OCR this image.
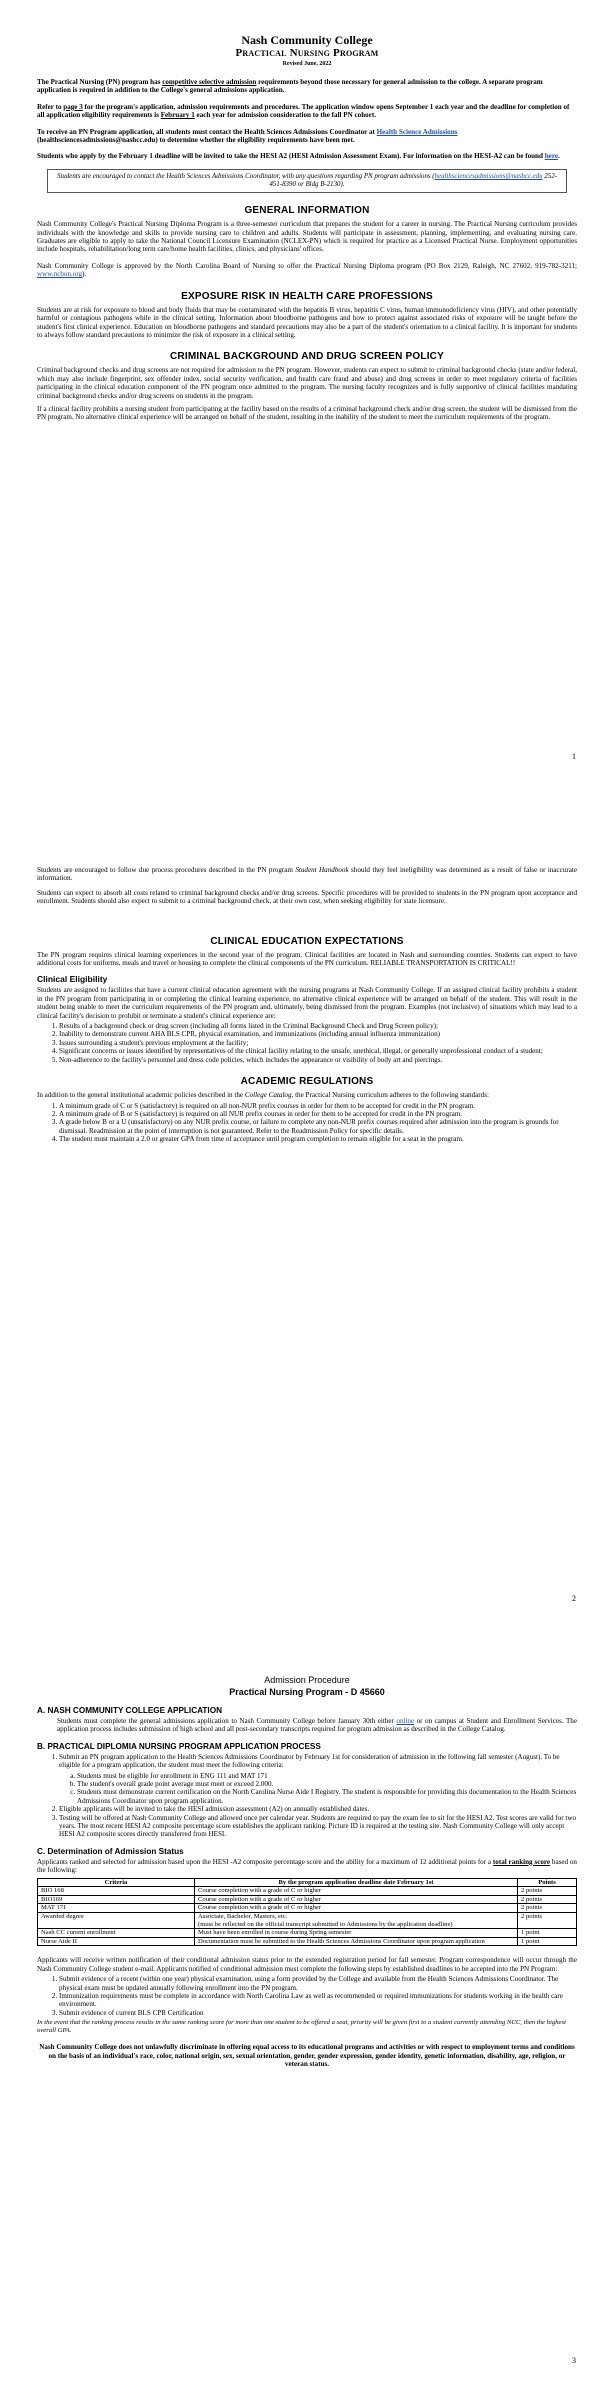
Nash Community College
Practical Nursing Program
Revised June, 2022

The Practical Nursing (PN) program has competitive selective admission requirements beyond those necessary for general admission to the college. A separate program application is required in addition to the College's general admissions application.

Refer to page 3 for the program's application, admission requirements and procedures. The application window opens September 1 each year and the deadline for completion of all application eligibility requirements is February 1 each year for admission consideration to the fall PN cohort.

To receive an PN Program application, all students must contact the Health Sciences Admissions Coordinator at Health Science Admissions (healthsciencesadmissions@nashcc.edu) to determine whether the eligibility requirements have been met.

Students who apply by the February 1 deadline will be invited to take the HESI A2 (HESI Admission Assessment Exam). For information on the HESI-A2 can be found here.

Students are encouraged to contact the Health Sciences Admissions Coordinator, with any questions regarding PN program admissions (healthsciencesadmissions@nashcc.edu 252-451-8390 or Bldg B-2130).
GENERAL INFORMATION

Nash Community College's Practical Nursing Diploma Program is a three-semester curriculum that prepares the student for a career in nursing. The Practical Nursing curriculum provides individuals with the knowledge and skills to provide nursing care to children and adults. Students will participate in assessment, planning, implementing, and evaluating nursing care. Graduates are eligible to apply to take the National Council Licensure Examination (NCLEX-PN) which is required for practice as a Licensed Practical Nurse. Employment opportunities include hospitals, rehabilitation/long term care/home health facilities, clinics, and physicians' offices.

Nash Community College is approved by the North Carolina Board of Nursing to offer the Practical Nursing Diploma program (PO Box 2129, Raleigh, NC 27602, 919-782-3211; www.ncbon.org).

EXPOSURE RISK IN HEALTH CARE PROFESSIONS

Students are at risk for exposure to blood and body fluids that may be contaminated with the hepatitis B virus, hepatitis C virus, human immunodeficiency virus (HIV), and other potentially harmful or contagious pathogens while in the clinical setting. Information about bloodborne pathogens and how to protect against associated risks of exposure will be taught before the student's first clinical experience. Education on bloodborne pathogens and standard precautions may also be a part of the student's orientation to a clinical facility. It is important for students to always follow standard precautions to minimize the risk of exposure in a clinical setting.

CRIMINAL BACKGROUND AND DRUG SCREEN POLICY

Criminal background checks and drug screens are not required for admission to the PN program. However, students can expect to submit to criminal background checks (state and/or federal, which may also include fingerprint, sex offender index, social security verification, and health care fraud and abuse) and drug screens in order to meet regulatory criteria of facilities participating in the clinical education component of the PN program once admitted to the program. The nursing faculty recognizes and is fully supportive of clinical facilities mandating criminal background checks and/or drug screens on students in the program.

If a clinical facility prohibits a nursing student from participating at the facility based on the results of a criminal background check and/or drug screen, the student will be dismissed from the PN program. No alternative clinical experience will be arranged on behalf of the student, resulting in the inability of the student to meet the curriculum requirements of the program.

1

Students are encouraged to follow due process procedures described in the PN program Student Handbook should they feel ineligibility was determined as a result of false or inaccurate information.

Students can expect to absorb all costs related to criminal background checks and/or drug screens. Specific procedures will be provided to students in the PN program upon acceptance and enrollment. Students should also expect to submit to a criminal background check, at their own cost, when seeking eligibility for state licensure.

CLINICAL EDUCATION EXPECTATIONS

The PN program requires clinical learning experiences in the second year of the program. Clinical facilities are located in Nash and surrounding counties. Students can expect to have additional costs for uniforms, meals and travel or housing to complete the clinical components of the PN curriculum. RELIABLE TRANSPORTATION IS CRITICAL!!

Clinical Eligibility

Students are assigned to facilities that have a current clinical education agreement with the nursing programs at Nash Community College. If an assigned clinical facility prohibits a student in the PN program from participating in or completing the clinical learning experience, no alternative clinical experience will be arranged on behalf of the student. This will result in the student being unable to meet the curriculum requirements of the PN program and, ultimately, being dismissed from the program. Examples (not inclusive) of situations which may lead to a clinical facility's decision to prohibit or terminate a student's clinical experience are:

1. Results of a background check or drug screen (including all forms listed in the Criminal Background Check and Drug Screen policy);
2. Inability to demonstrate current AHA BLS CPR, physical examination, and immunizations (including annual influenza immunization)
3. Issues surrounding a student's previous employment at the facility;
4. Significant concerns or issues identified by representatives of the clinical facility relating to the unsafe, unethical, illegal, or generally unprofessional conduct of a student;
5. Non-adherence to the facility's personnel and dress code policies, which includes the appearance or visibility of body art and piercings.
ACADEMIC REGULATIONS

In addition to the general institutional academic policies described in the College Catalog, the Practical Nursing curriculum adheres to the following standards:

1. A minimum grade of C or S (satisfactory) is required on all non-NUR prefix courses in order for them to be accepted for credit in the PN program.
2. A minimum grade of B or S (satisfactory) is required on all NUR prefix courses in order for them to be accepted for credit in the PN program.
3. A grade below B or a U (unsatisfactory) on any NUR prefix course, or failure to complete any non-NUR prefix courses required after admission into the program is grounds for dismissal. Readmission at the point of interruption is not guaranteed. Refer to the Readmission Policy for specific details.
4. The student must maintain a 2.0 or greater GPA from time of acceptance until program completion to remain eligible for a seat in the program.
2
Admission Procedure
Practical Nursing Program - D 45660
A. NASH COMMUNITY COLLEGE APPLICATION

Students must complete the general admissions application to Nash Community College before January 30th either online or on campus at Student and Enrollment Services. The application process includes submission of high school and all post-secondary transcripts required for program admission as described in the College Catalog.

B. PRACTICAL DIPLOMIA NURSING PROGRAM APPLICATION PROCESS
1. Submit an PN program application to the Health Sciences Admissions Coordinator by February 1st for consideration of admission in the following fall semester (August). To be eligible for a program application, the student must meet the following criteria:
a. Students must be eligible for enrollment in ENG 111 and MAT 171
b. The student's overall grade point average must meet or exceed 2.000.
c. Students must demonstrate current certification on the North Carolina Nurse Aide I Registry. The student is responsible for providing this documentation to the Health Sciences Admissions Coordinator upon program application.
2. Eligible applicants will be invited to take the HESI admission assessment (A2) on annually established dates.
3. Testing will be offered at Nash Community College and allowed once per calendar year. Students are required to pay the exam fee to sit for the HESI A2. Test scores are valid for two years. The most recent HESI A2 composite percentage score establishes the applicant ranking. Picture ID is required at the testing site. Nash Community College will only accept HESI A2 composite scores directly transferred from HESI.
C. Determination of Admission Status

Applicants ranked and selected for admission based upon the HESI -A2 composite percentage score and the ability for a maximum of 12 additional points for a total ranking score based on the following:

Criteria	By the program application deadline date February 1st	Points
BIO 168	Course completion with a grade of C or higher	2 points
BIO169	Course completion with a grade of C or higher	2 points
MAT 171	Course completion with a grade of C or higher	2 points
Awarded degree	Associate, Bachelor, Masters, etc.
(must be reflected on the official transcript submitted to Admissions by the application deadline)	2 points
Nash CC current enrollment	Must have been enrolled in course during Spring semester	1 point
Nurse Aide II	Documentation must be submitted to the Health Sciences Admissions Coordinator upon program application	1 point

Applicants will receive written notification of their conditional admission status prior to the extended registration period for fall semester. Program correspondence will occur through the Nash Community College student e-mail. Applicants notified of conditional admission must complete the following steps by established deadlines to be accepted into the PN Program:

1. Submit evidence of a recent (within one year) physical examination, using a form provided by the College and available from the Health Sciences Admissions Coordinator. The physical exam must be updated annually following enrollment into the PN program.
2. Immunization requirements must be complete in accordance with North Carolina Law as well as recommended or required immunizations for students working in the health care environment.
3. Submit evidence of current BLS CPR Certification

In the event that the ranking process results in the same ranking score for more than one student to be offered a seat, priority will be given first to a student currently attending NCC, then the highest overall GPA.

Nash Community College does not unlawfully discriminate in offering equal access to its educational programs and activities or with respect to employment terms and conditions on the basis of an individual's race, color, national origin, sex, sexual orientation, gender, gender expression, gender identity, genetic information, disability, age, religion, or veteran status.

3
